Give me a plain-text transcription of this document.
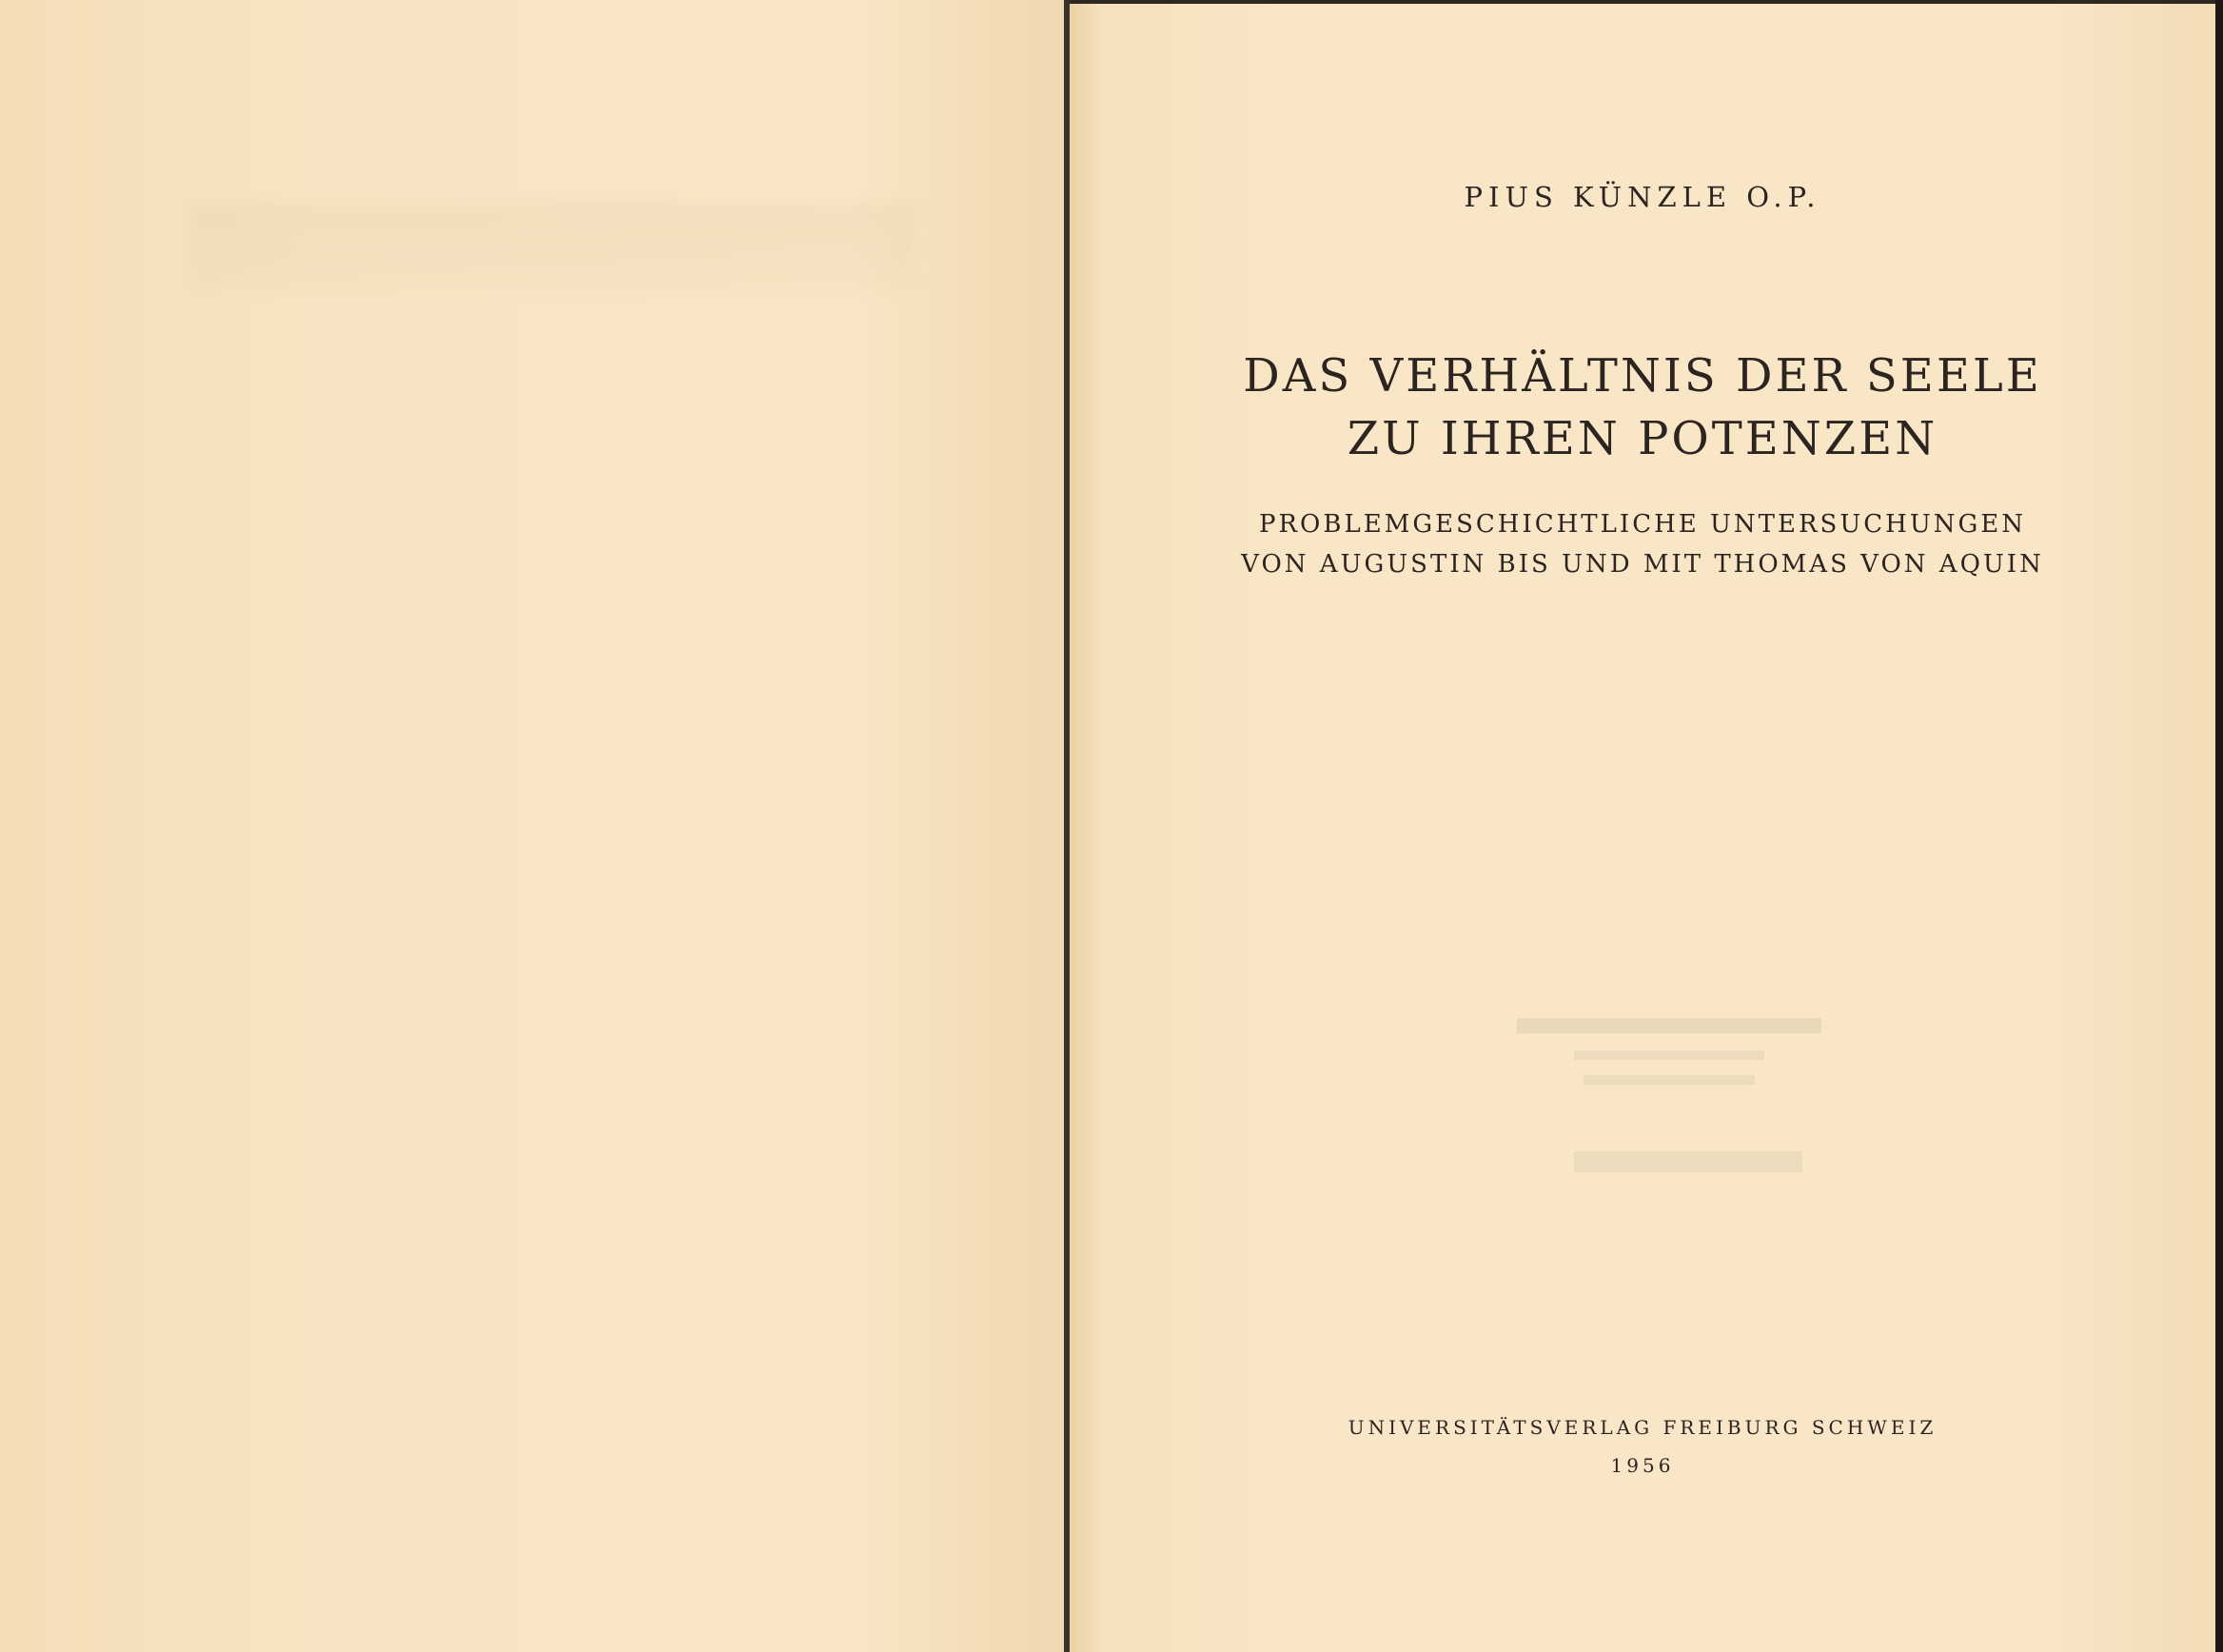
PIUS KÜNZLE O.P.
DAS VERHÄLTNIS DER SEELE
ZU IHREN POTENZEN
PROBLEMGESCHICHTLICHE UNTERSUCHUNGEN
VON AUGUSTIN BIS UND MIT THOMAS VON AQUIN
UNIVERSITÄTSVERLAG FREIBURG SCHWEIZ
1956
